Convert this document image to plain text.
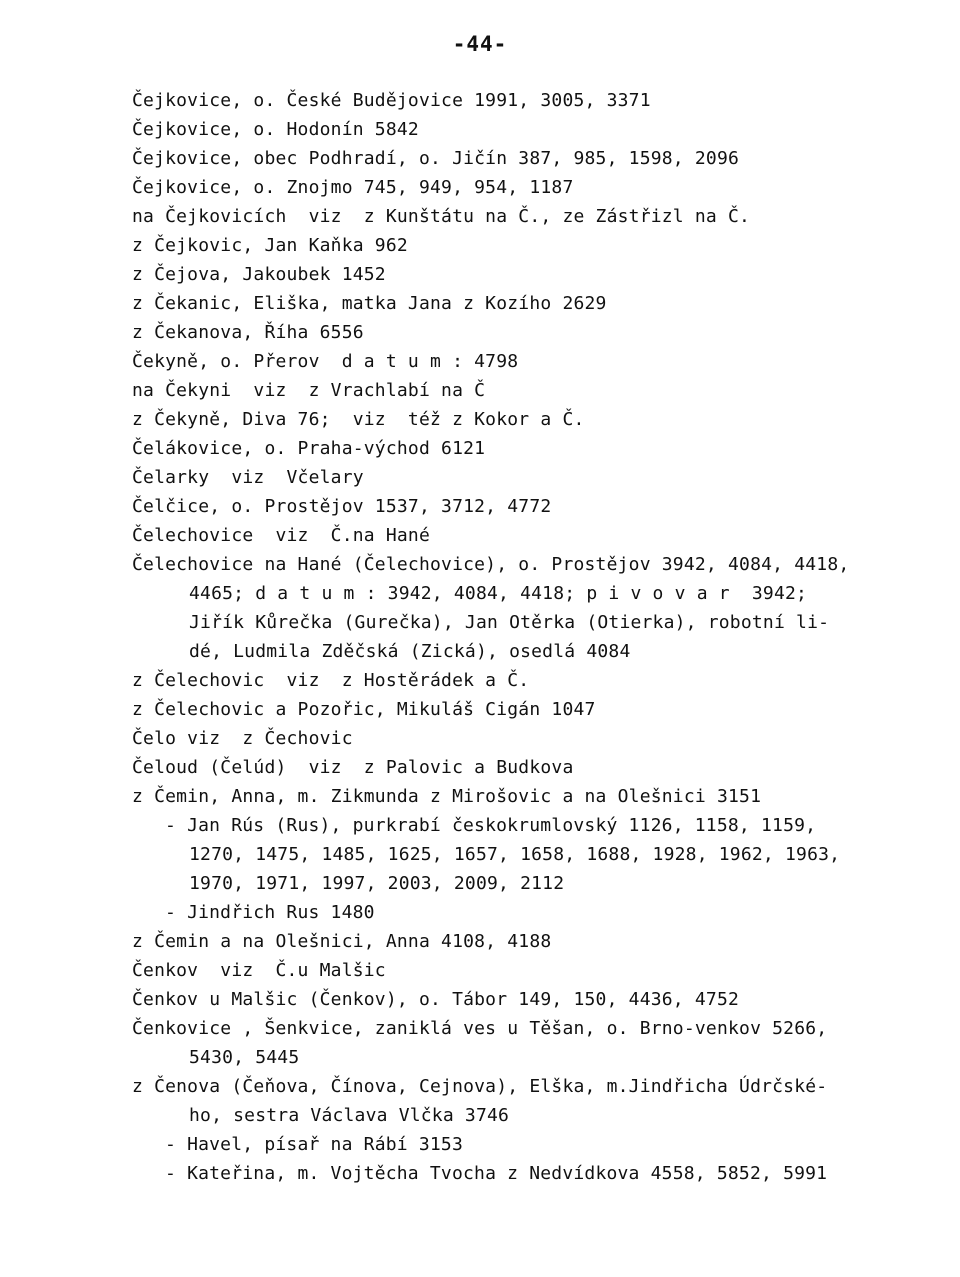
-44-
Čejkovice, o. České Budějovice 1991, 3005, 3371
Čejkovice, o. Hodonín 5842
Čejkovice, obec Podhradí, o. Jičín 387, 985, 1598, 2096
Čejkovice, o. Znojmo 745, 949, 954, 1187
na Čejkovicích  viz  z Kunštátu na Č., ze Zástřizl na Č.
z Čejkovic, Jan Kaňka 962
z Čejova, Jakoubek 1452
z Čekanic, Eliška, matka Jana z Kozího 2629
z Čekanova, Říha 6556
Čekyně, o. Přerov  d a t u m : 4798
na Čekyni  viz  z Vrachlabí na Č
z Čekyně, Diva 76;  viz  též z Kokor a Č.
Čelákovice, o. Praha-východ 6121
Čelarky  viz  Včelary
Čelčice, o. Prostějov 1537, 3712, 4772
Čelechovice  viz  Č.na Hané
Čelechovice na Hané (Čelechovice), o. Prostějov 3942, 4084, 4418,
4465; d a t u m : 3942, 4084, 4418; p i v o v a r  3942;
Jiřík Kůrečka (Gurečka), Jan Otěrka (Otierka), robotní li-
dé, Ludmila Zděčská (Zická), osedlá 4084
z Čelechovic  viz  z Hostěrádek a Č.
z Čelechovic a Pozořic, Mikuláš Cigán 1047
Čelo viz  z Čechovic
Čeloud (Čelúd)  viz  z Palovic a Budkova
z Čemin, Anna, m. Zikmunda z Mirošovic a na Olešnici 3151
- Jan Rús (Rus), purkrabí českokrumlovský 1126, 1158, 1159,
1270, 1475, 1485, 1625, 1657, 1658, 1688, 1928, 1962, 1963,
1970, 1971, 1997, 2003, 2009, 2112
- Jindřich Rus 1480
z Čemin a na Olešnici, Anna 4108, 4188
Čenkov  viz  Č.u Malšic
Čenkov u Malšic (Čenkov), o. Tábor 149, 150, 4436, 4752
Čenkovice , Šenkvice, zaniklá ves u Těšan, o. Brno-venkov 5266,
5430, 5445
z Čenova (Čeňova, Čínova, Cejnova), Elška, m.Jindřicha Údrčské-
ho, sestra Václava Vlčka 3746
- Havel, písař na Rábí 3153
- Kateřina, m. Vojtěcha Tvocha z Nedvídkova 4558, 5852, 5991
